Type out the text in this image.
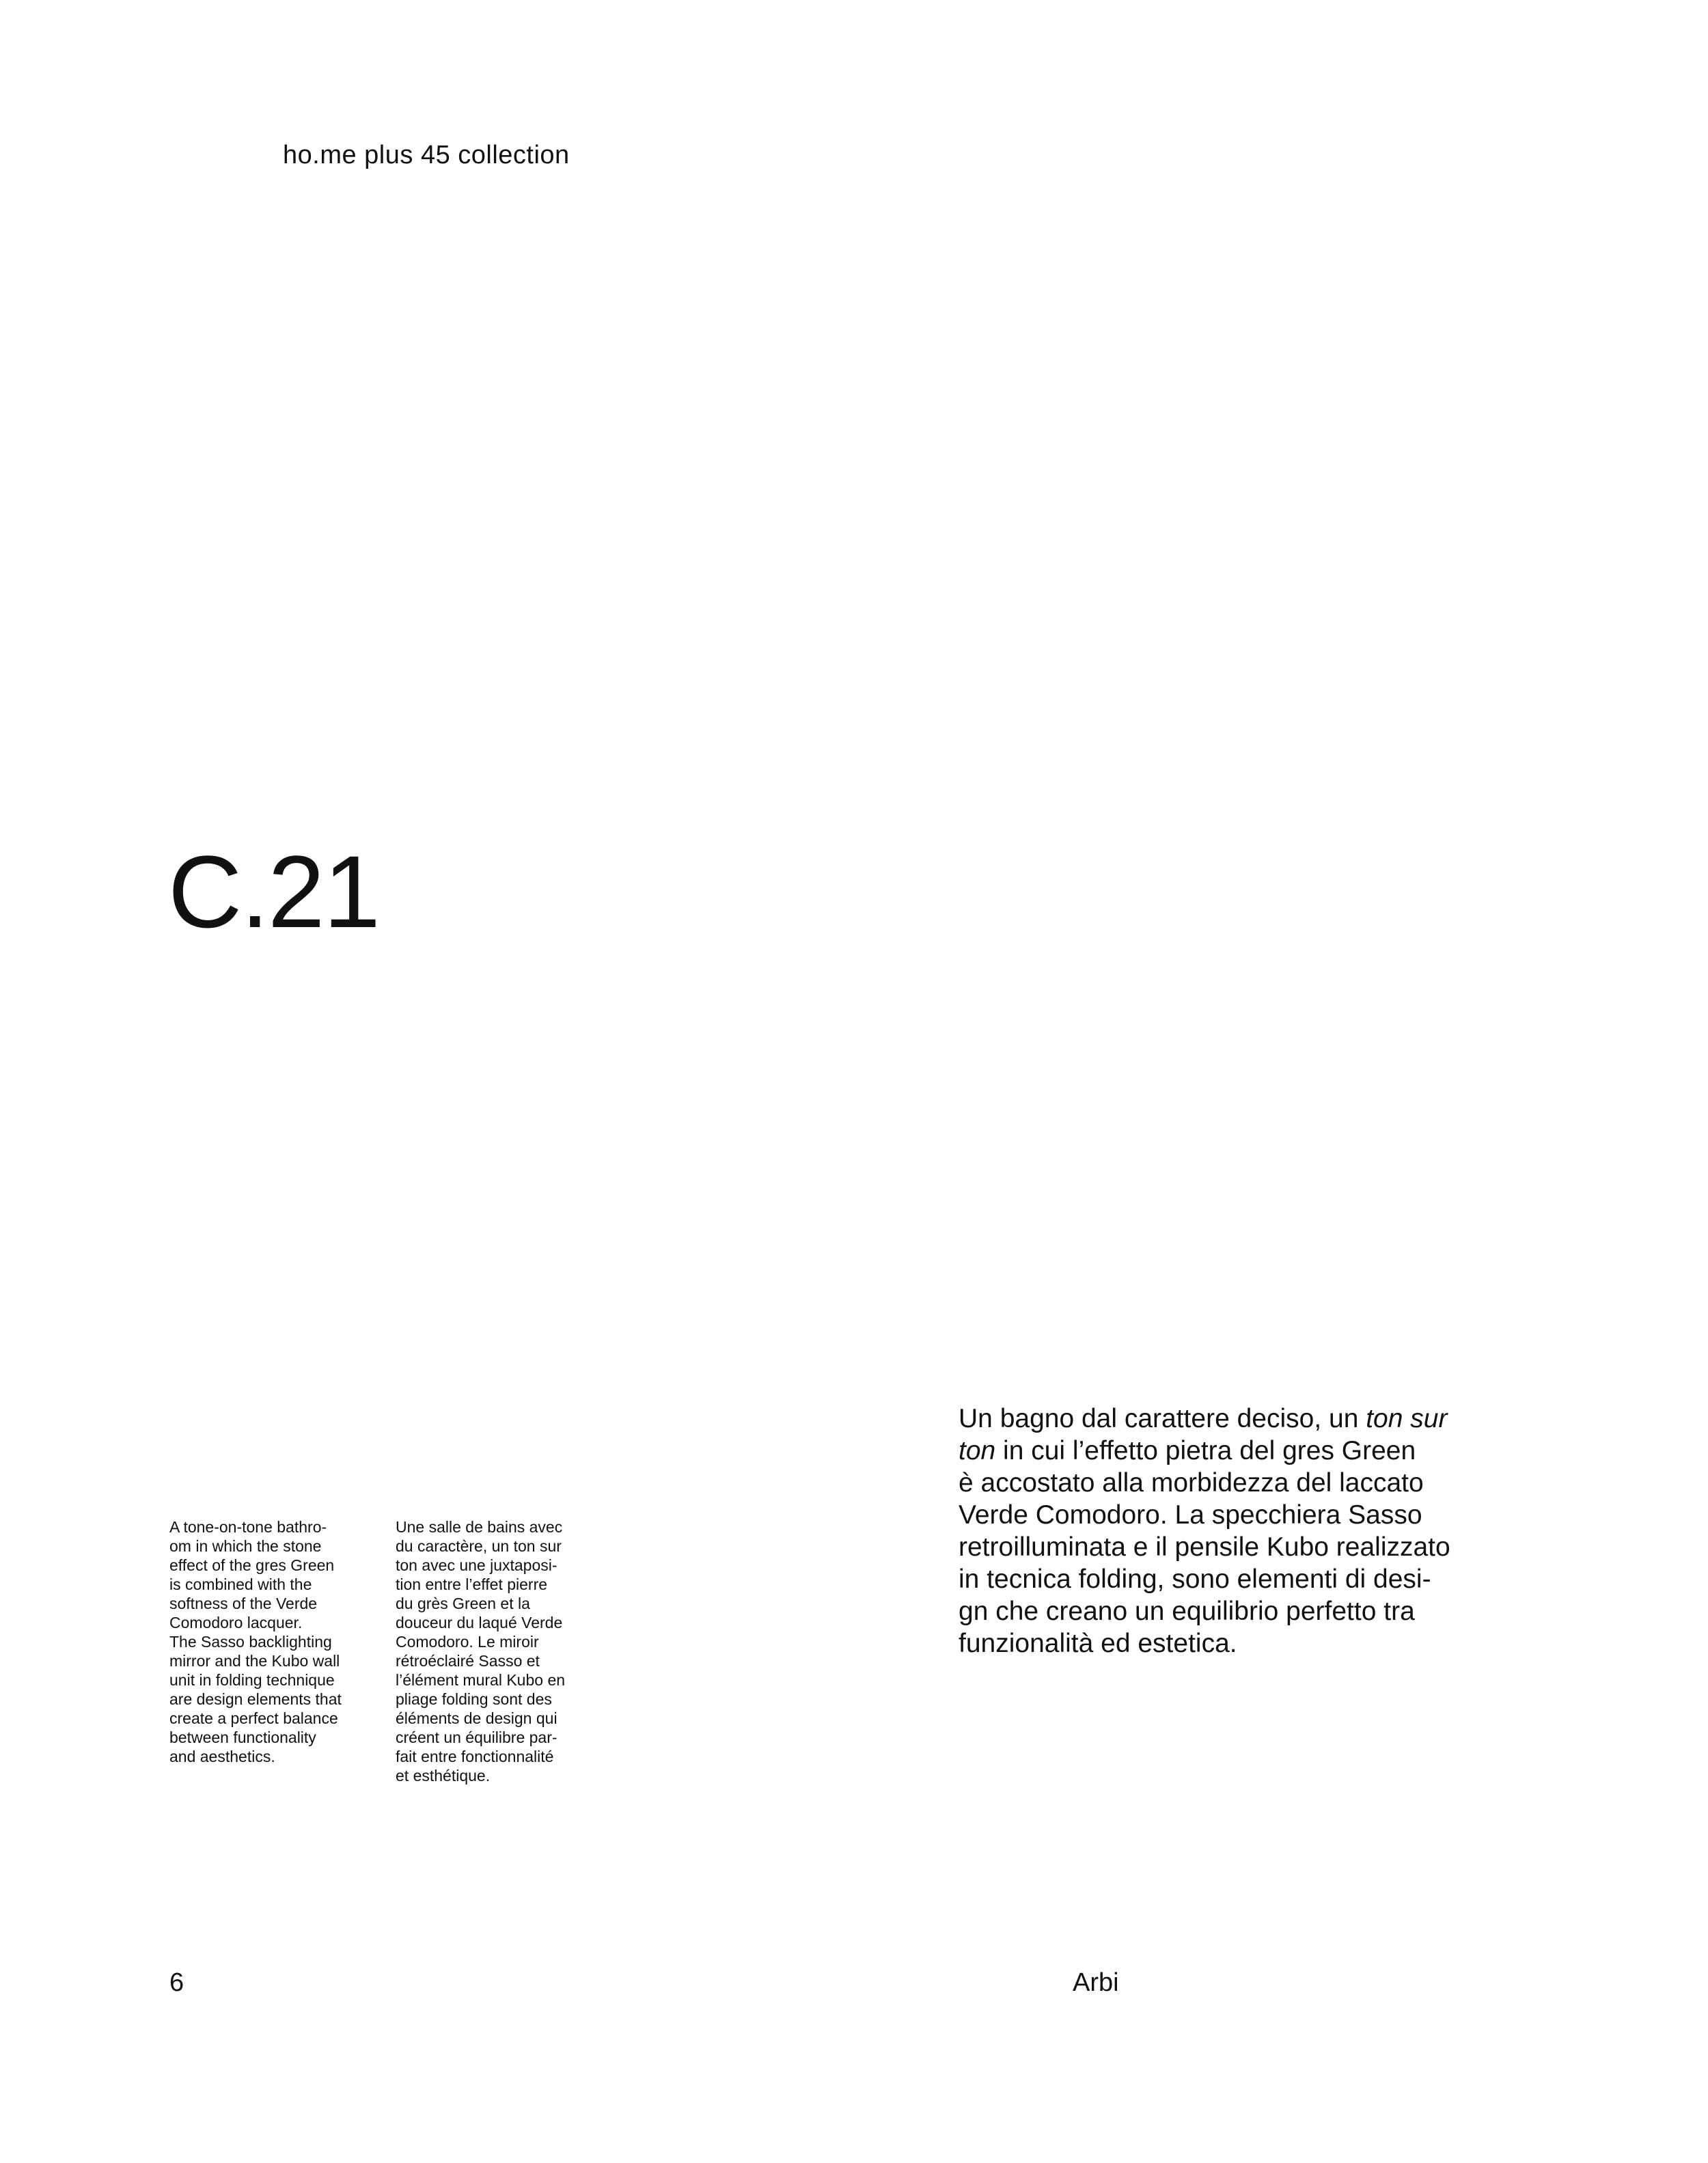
ho.me plus 45 collection
C.21
A tone-on-tone bathro-
om in which the stone
effect of the gres Green
is combined with the
softness of the Verde
Comodoro lacquer.
The Sasso backlighting
mirror and the Kubo wall
unit in folding technique
are design elements that
create a perfect balance
between functionality
and aesthetics.
Une salle de bains avec
du caractère, un ton sur
ton avec une juxtaposi-
tion entre l’effet pierre
du grès Green et la
douceur du laqué Verde
Comodoro. Le miroir
rétroéclairé Sasso et
l’élément mural Kubo en
pliage folding sont des
éléments de design qui
créent un équilibre par-
fait entre fonctionnalité
et esthétique.
Un bagno dal carattere deciso, un ton sur
ton in cui l’effetto pietra del gres Green
è accostato alla morbidezza del laccato
Verde Comodoro. La specchiera Sasso
retroilluminata e il pensile Kubo realizzato
in tecnica folding, sono elementi di desi-
gn che creano un equilibrio perfetto tra
funzionalità ed estetica.
6	Arbi
